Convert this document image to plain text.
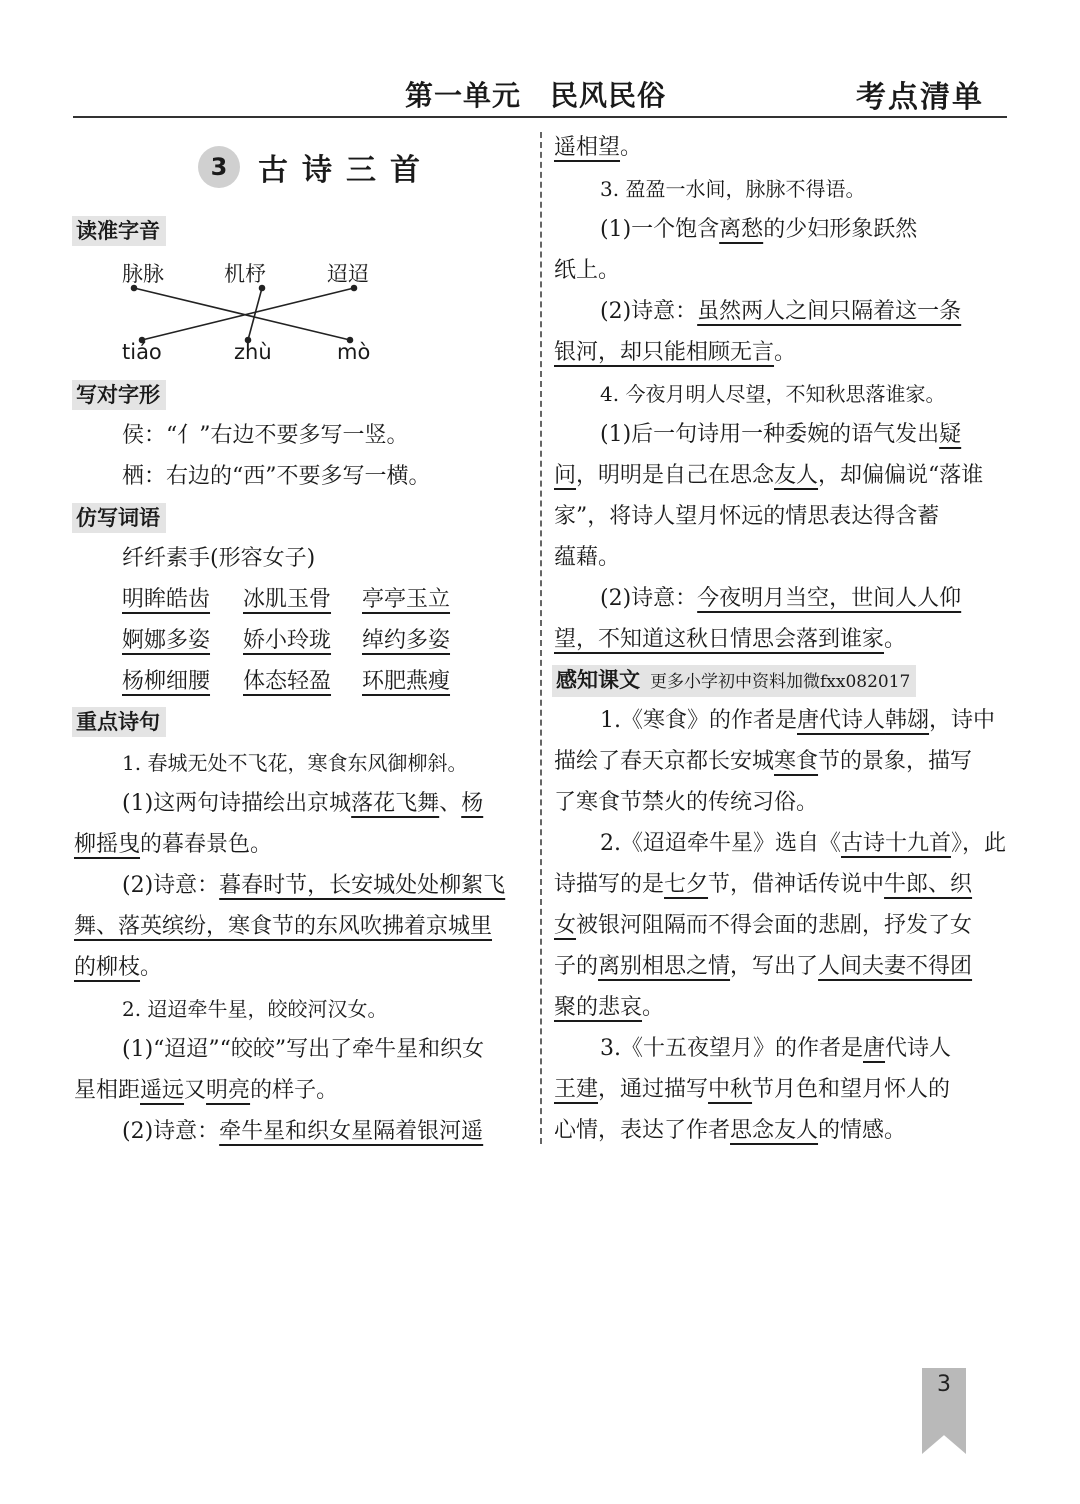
第一单元　民风民俗	考点清单
3	古诗三首
读准字音
脉脉	机杼	迢迢
tiáo	zhù	mò
写对字形
侯：“亻”右边不要多写一竖。
栖：右边的“西”不要多写一横。
仿写词语
纤纤素手(形容女子)
明眸皓齿 冰肌玉骨 亭亭玉立
婀娜多姿 娇小玲珑 绰约多姿
杨柳细腰 体态轻盈 环肥燕瘦
重点诗句
1. 春城无处不飞花，寒食东风御柳斜。
(1)这两句诗描绘出京城落花飞舞、杨
柳摇曳的暮春景色。
(2)诗意：暮春时节，长安城处处柳絮飞
舞、落英缤纷，寒食节的东风吹拂着京城里
的柳枝。
2. 迢迢牵牛星，皎皎河汉女。
(1)“迢迢”“皎皎”写出了牵牛星和织女
星相距遥远又明亮的样子。
(2)诗意：牵牛星和织女星隔着银河遥
遥相望。
3. 盈盈一水间，脉脉不得语。
(1)一个饱含离愁的少妇形象跃然
纸上。
(2)诗意：虽然两人之间只隔着这一条
银河，却只能相顾无言。
4. 今夜月明人尽望，不知秋思落谁家。
(1)后一句诗用一种委婉的语气发出疑
问，明明是自己在思念友人，却偏偏说“落谁
家”，将诗人望月怀远的情思表达得含蓄
蕴藉。
(2)诗意：今夜明月当空，世间人人仰
望，不知道这秋日情思会落到谁家。
感知课文 更多小学初中资料加微fxx082017
1.《寒食》的作者是唐代诗人韩翃，诗中
描绘了春天京都长安城寒食节的景象，描写
了寒食节禁火的传统习俗。
2.《迢迢牵牛星》选自《古诗十九首》，此
诗描写的是七夕节，借神话传说中牛郎、织
女被银河阻隔而不得会面的悲剧，抒发了女
子的离别相思之情，写出了人间夫妻不得团
聚的悲哀。
3.《十五夜望月》的作者是唐代诗人
王建，通过描写中秋节月色和望月怀人的
心情，表达了作者思念友人的情感。
3
